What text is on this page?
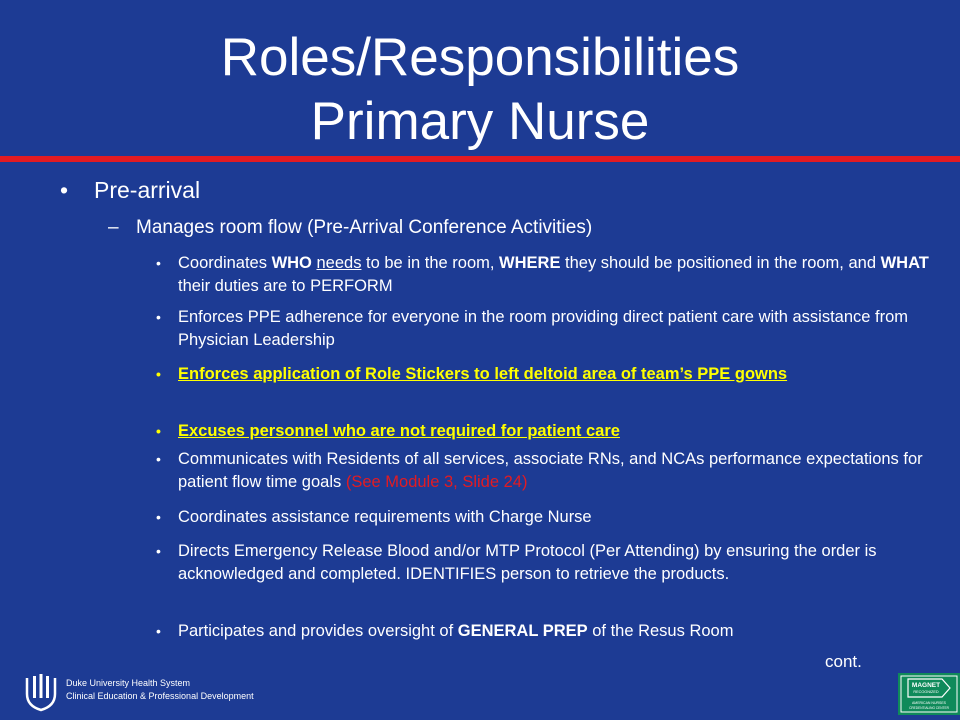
Roles/Responsibilities
Primary Nurse
• Pre-arrival
– Manages room flow (Pre-Arrival Conference Activities)
• Coordinates WHO needs to be in the room, WHERE they should be positioned in the room, and WHAT their duties are to PERFORM
• Enforces PPE adherence for everyone in the room providing direct patient care with assistance from Physician Leadership
• Enforces application of Role Stickers to left deltoid area of team’s PPE gowns
• Excuses personnel who are not required for patient care
• Communicates with Residents of all services, associate RNs, and NCAs performance expectations for patient flow time goals (See Module 3, Slide 24)
• Coordinates assistance requirements with Charge Nurse
• Directs Emergency Release Blood and/or MTP Protocol (Per Attending) by ensuring the order is acknowledged and completed. IDENTIFIES person to retrieve the products.
• Participates and provides oversight of GENERAL PREP of the Resus Room
cont.
Duke University Health System
Clinical Education & Professional Development
MAGNET
RECOGNIZED
AMERICAN NURSES
CREDENTIALING CENTER
